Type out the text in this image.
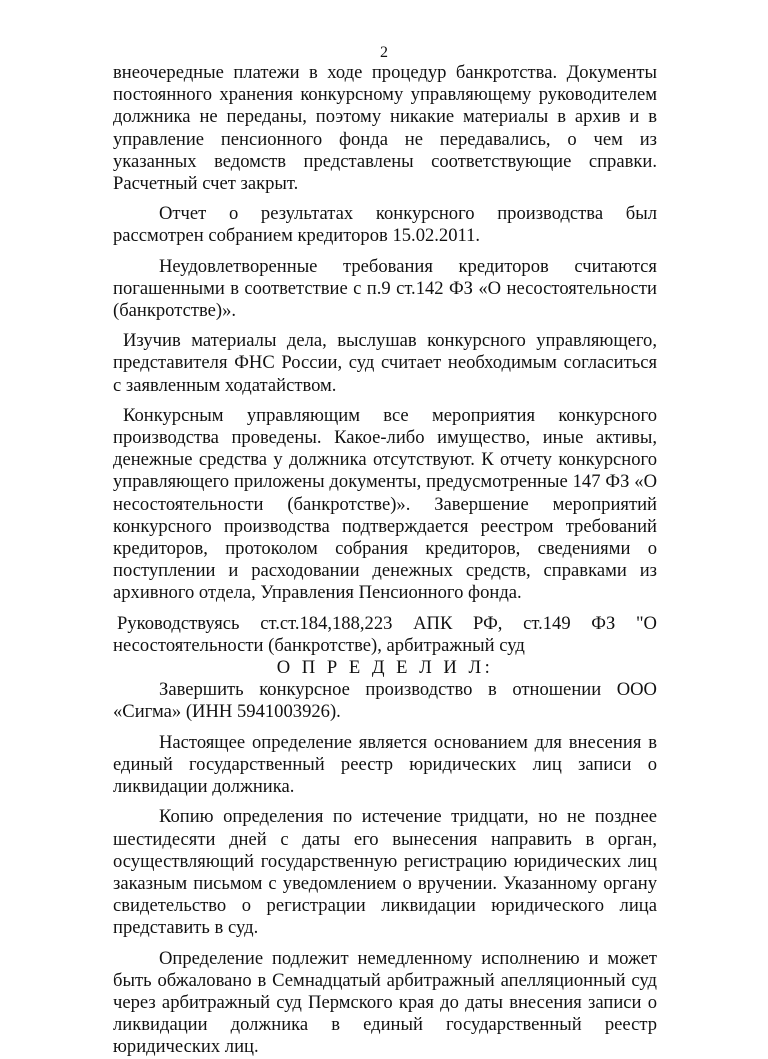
2

внеочередные платежи в ходе процедур банкротства. Документы постоянного хранения конкурсному управляющему руководителем должника не переданы, поэтому никакие материалы в архив и в управление пенсионного фонда не передавались, о чем из указанных ведомств представлены соответствующие справки. Расчетный счет закрыт.

Отчет о результатах конкурсного производства был рассмотрен собранием кредиторов 15.02.2011.

Неудовлетворенные требования кредиторов считаются погашенными в соответствие с п.9 ст.142 ФЗ «О несостоятельности (банкротстве)».

Изучив материалы дела, выслушав конкурсного управляющего, представителя ФНС России, суд считает необходимым согласиться с заявленным ходатайством.

Конкурсным управляющим все мероприятия конкурсного производства проведены. Какое-либо имущество, иные активы, денежные средства у должника отсутствуют. К отчету конкурсного управляющего приложены документы, предусмотренные 147 ФЗ «О несостоятельности (банкротстве)». Завершение мероприятий конкурсного производства подтверждается реестром требований кредиторов, протоколом собрания кредиторов, сведениями о поступлении и расходовании денежных средств, справками из архивного отдела, Управления Пенсионного фонда.

Руководствуясь ст.ст.184,188,223 АПК РФ, ст.149 ФЗ "О несостоятельности (банкротстве), арбитражный суд

О П Р Е Д Е Л И Л:

Завершить конкурсное производство в отношении ООО «Сигма» (ИНН 5941003926).

Настоящее определение является основанием для внесения в единый государственный реестр юридических лиц записи о ликвидации должника.

Копию определения по истечение тридцати, но не позднее шестидесяти дней с даты его вынесения направить в орган, осуществляющий государственную регистрацию юридических лиц заказным письмом с уведомлением о вручении. Указанному органу свидетельство о регистрации ликвидации юридического лица представить в суд.

Определение подлежит немедленному исполнению и может быть обжаловано в Семнадцатый арбитражный апелляционный суд через арбитражный суд Пермского края до даты внесения записи о ликвидации должника в единый государственный реестр юридических лиц.
